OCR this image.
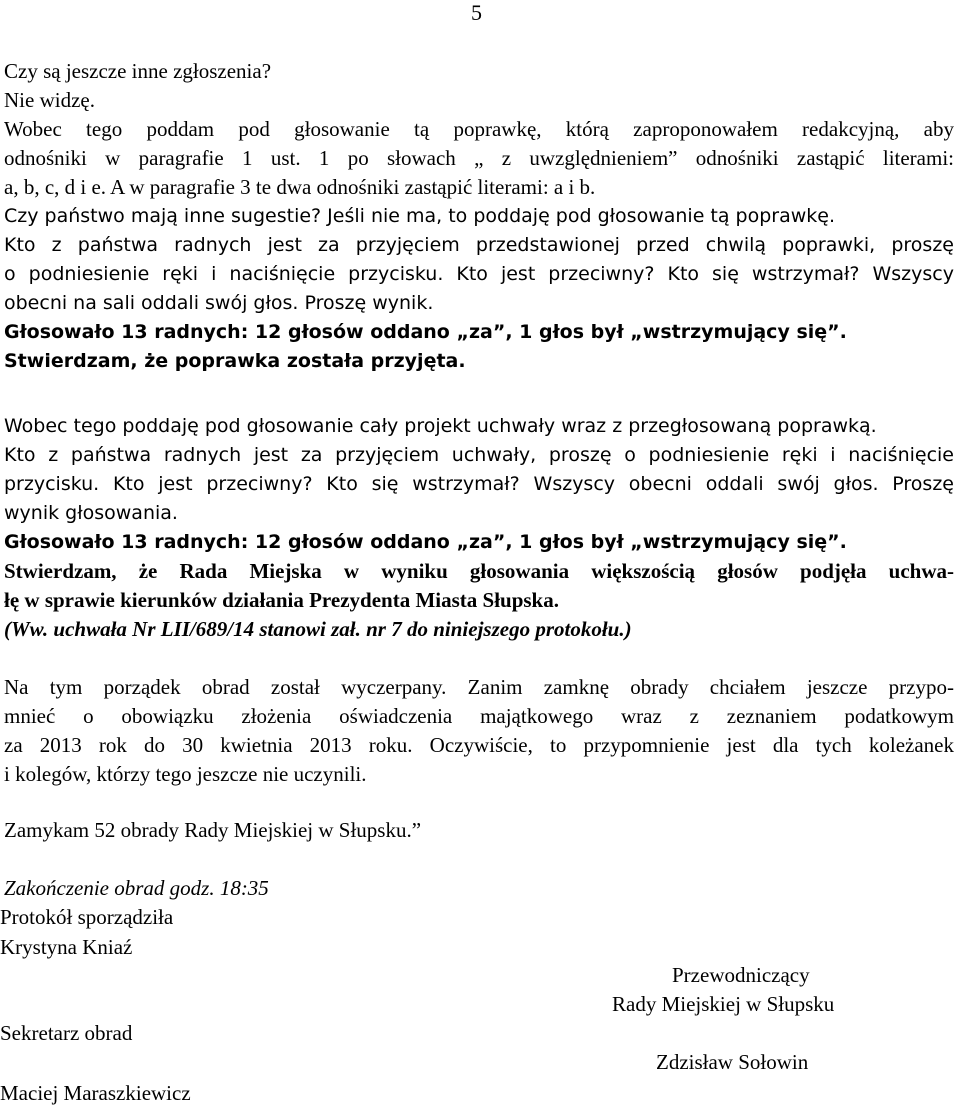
5
Czy są jeszcze inne zgłoszenia?
Nie widzę.
Wobec tego poddam pod głosowanie tą poprawkę, którą zaproponowałem redakcyjną, aby
odnośniki w paragrafie 1 ust. 1 po słowach „ z uwzględnieniem” odnośniki zastąpić literami:
a, b, c, d i e. A w paragrafie 3 te dwa odnośniki zastąpić literami: a i b.
Czy państwo mają inne sugestie? Jeśli nie ma, to poddaję pod głosowanie tą poprawkę.
Kto z państwa radnych jest za przyjęciem przedstawionej przed chwilą poprawki, proszę
o podniesienie ręki i naciśnięcie przycisku. Kto jest przeciwny? Kto się wstrzymał? Wszyscy
obecni na sali oddali swój głos. Proszę wynik.
Głosowało 13 radnych: 12 głosów oddano „za”, 1 głos był „wstrzymujący się”.
Stwierdzam, że poprawka została przyjęta.
Wobec tego poddaję pod głosowanie cały projekt uchwały wraz z przegłosowaną poprawką.
Kto z państwa radnych jest za przyjęciem uchwały, proszę o podniesienie ręki i naciśnięcie
przycisku. Kto jest przeciwny? Kto się wstrzymał? Wszyscy obecni oddali swój głos. Proszę
wynik głosowania.
Głosowało 13 radnych: 12 głosów oddano „za”, 1 głos był „wstrzymujący się”.
Stwierdzam, że Rada Miejska w wyniku głosowania większością głosów podjęła uchwa-
łę w sprawie kierunków działania Prezydenta Miasta Słupska.
(Ww. uchwała Nr LII/689/14 stanowi zał. nr 7 do niniejszego protokołu.)
Na tym porządek obrad został wyczerpany. Zanim zamknę obrady chciałem jeszcze przypo-
mnieć o obowiązku złożenia oświadczenia majątkowego wraz z zeznaniem podatkowym
za 2013 rok do 30 kwietnia 2013 roku. Oczywiście, to przypomnienie jest dla tych koleżanek
i kolegów, którzy tego jeszcze nie uczynili.
Zamykam 52 obrady Rady Miejskiej w Słupsku.”
Zakończenie obrad godz. 18:35
Protokół sporządziła
Krystyna Kniaź
Przewodniczący
Rady Miejskiej w Słupsku
Sekretarz obrad
Zdzisław Sołowin
Maciej Maraszkiewicz
